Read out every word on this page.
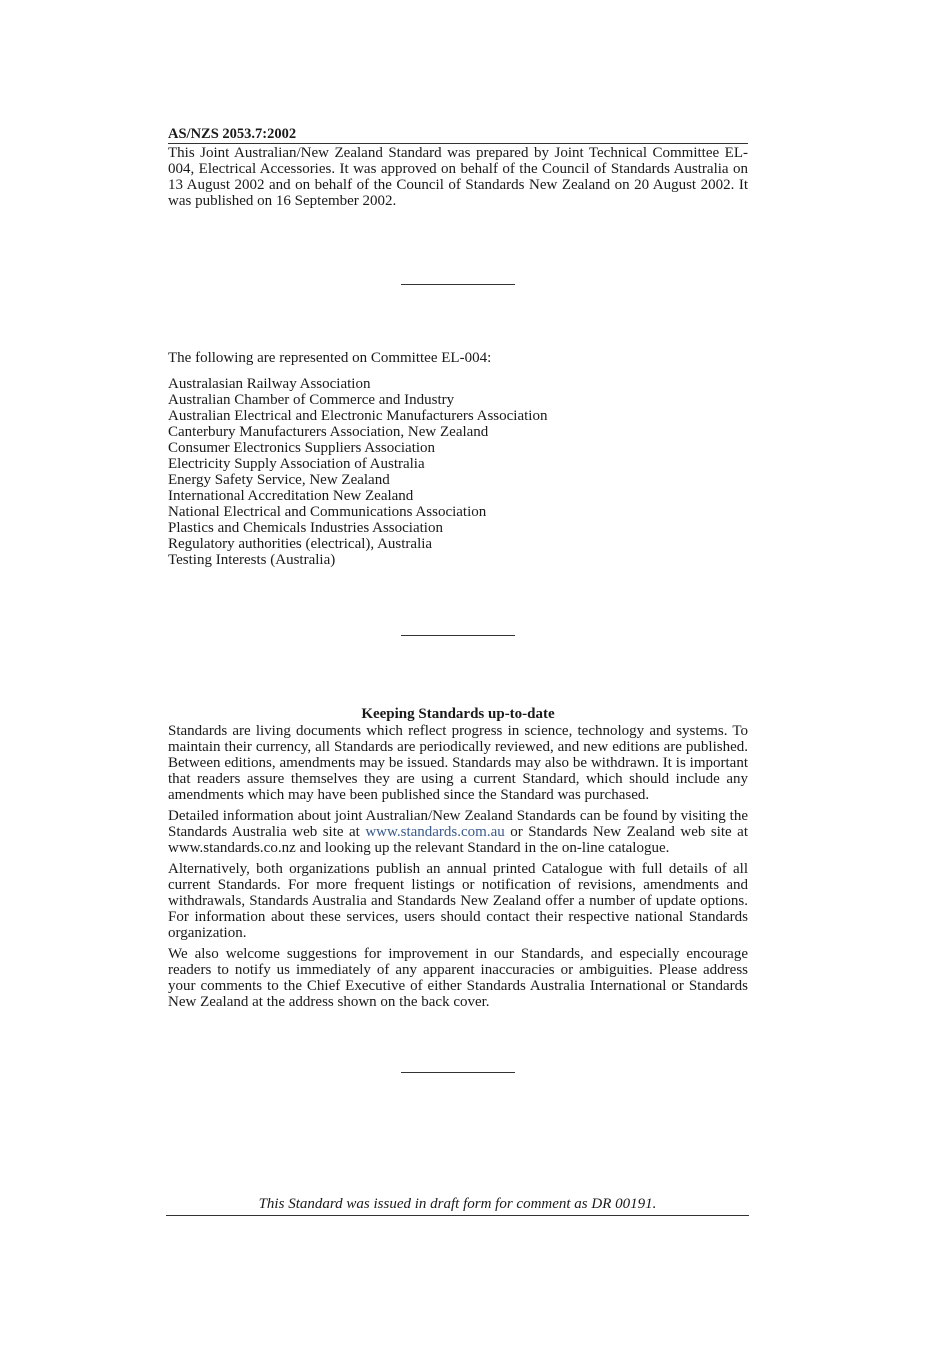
AS/NZS 2053.7:2002

This Joint Australian/New Zealand Standard was prepared by Joint Technical Committee EL-004, Electrical Accessories. It was approved on behalf of the Council of Standards Australia on 13 August 2002 and on behalf of the Council of Standards New Zealand on 20 August 2002. It was published on 16 September 2002.

The following are represented on Committee EL-004:

Australasian Railway Association
Australian Chamber of Commerce and Industry
Australian Electrical and Electronic Manufacturers Association
Canterbury Manufacturers Association, New Zealand
Consumer Electronics Suppliers Association
Electricity Supply Association of Australia
Energy Safety Service, New Zealand
International Accreditation New Zealand
National Electrical and Communications Association
Plastics and Chemicals Industries Association
Regulatory authorities (electrical), Australia
Testing Interests (Australia)

Keeping Standards up-to-date

Standards are living documents which reflect progress in science, technology and systems. To maintain their currency, all Standards are periodically reviewed, and new editions are published. Between editions, amendments may be issued. Standards may also be withdrawn. It is important that readers assure themselves they are using a current Standard, which should include any amendments which may have been published since the Standard was purchased.

Detailed information about joint Australian/New Zealand Standards can be found by visiting the Standards Australia web site at www.standards.com.au or Standards New Zealand web site at www.standards.co.nz and looking up the relevant Standard in the on-line catalogue.

Alternatively, both organizations publish an annual printed Catalogue with full details of all current Standards. For more frequent listings or notification of revisions, amendments and withdrawals, Standards Australia and Standards New Zealand offer a number of update options. For information about these services, users should contact their respective national Standards organization.

We also welcome suggestions for improvement in our Standards, and especially encourage readers to notify us immediately of any apparent inaccuracies or ambiguities. Please address your comments to the Chief Executive of either Standards Australia International or Standards New Zealand at the address shown on the back cover.

This Standard was issued in draft form for comment as DR 00191.
